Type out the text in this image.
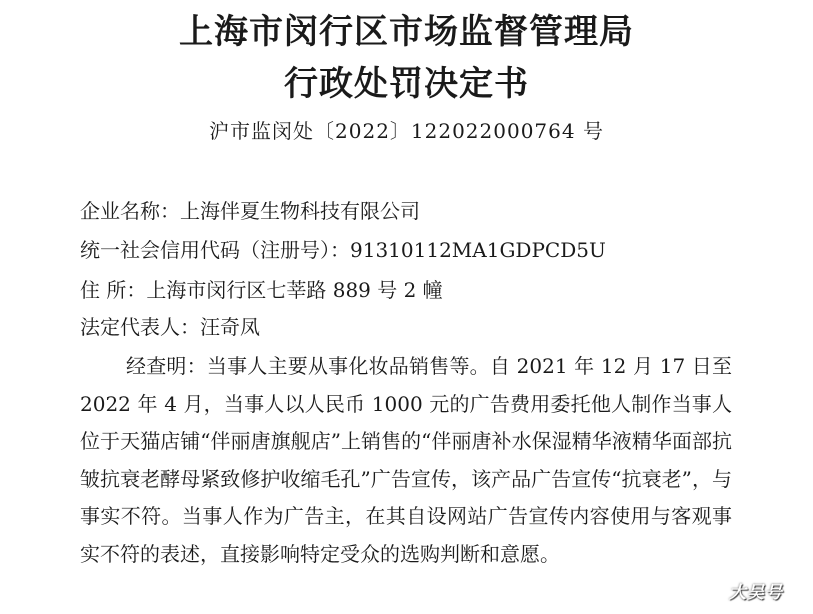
上海市闵行区市场监督管理局
行政处罚决定书
沪市监闵处〔2022〕122022000764 号
企业名称：上海伴夏生物科技有限公司
统一社会信用代码（注册号）：91310112MA1GDPCD5U
住 所：上海市闵行区七莘路 889 号 2 幢
法定代表人：汪奇凤
经查明：当事人主要从事化妆品销售等。自 2021 年 12 月 17 日至 2022 年 4 月，当事人以人民币 1000 元的广告费用委托他人制作当事人位于天猫店铺“伴丽唐旗舰店”上销售的“伴丽唐补水保湿精华液精华面部抗皱抗衰老酵母紧致修护收缩毛孔”广告宣传，该产品广告宣传“抗衰老”，与事实不符。当事人作为广告主，在其自设网站广告宣传内容使用与客观事实不符的表述，直接影响特定受众的选购判断和意愿。
大吴号
